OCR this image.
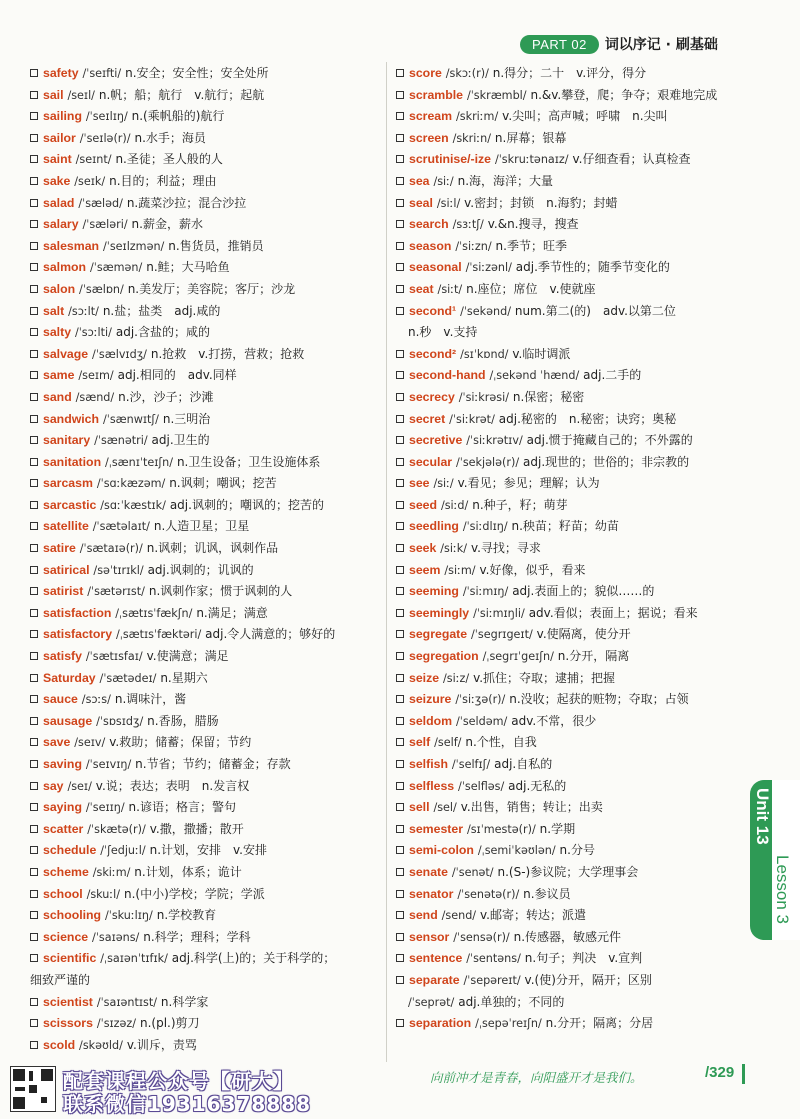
PART 02	词以序记 · 刷基础
safety /ˈseɪfti/ n.安全；安全性；安全处所
sail /seɪl/ n.帆；船；航行　v.航行；起航
sailing /ˈseɪlɪŋ/ n.(乘帆船的)航行
sailor /ˈseɪlə(r)/ n.水手；海员
saint /seɪnt/ n.圣徒；圣人般的人
sake /seɪk/ n.目的；利益；理由
salad /ˈsæləd/ n.蔬菜沙拉；混合沙拉
salary /ˈsæləri/ n.薪金，薪水
salesman /ˈseɪlzmən/ n.售货员，推销员
salmon /ˈsæmən/ n.鲑；大马哈鱼
salon /ˈsælɒn/ n.美发厅；美容院；客厅；沙龙
salt /sɔːlt/ n.盐；盐类　adj.咸的
salty /ˈsɔːlti/ adj.含盐的；咸的
salvage /ˈsælvɪdʒ/ n.抢救　v.打捞，营救；抢救
same /seɪm/ adj.相同的　adv.同样
sand /sænd/ n.沙，沙子；沙滩
sandwich /ˈsænwɪtʃ/ n.三明治
sanitary /ˈsænətri/ adj.卫生的
sanitation /ˌsænɪˈteɪʃn/ n.卫生设备；卫生设施体系
sarcasm /ˈsɑːkæzəm/ n.讽刺；嘲讽；挖苦
sarcastic /sɑːˈkæstɪk/ adj.讽刺的；嘲讽的；挖苦的
satellite /ˈsætəlaɪt/ n.人造卫星；卫星
satire /ˈsætaɪə(r)/ n.讽刺；讥讽，讽刺作品
satirical /səˈtɪrɪkl/ adj.讽刺的；讥讽的
satirist /ˈsætərɪst/ n.讽刺作家；惯于讽刺的人
satisfaction /ˌsætɪsˈfækʃn/ n.满足；满意
satisfactory /ˌsætɪsˈfæktəri/ adj.令人满意的；够好的
satisfy /ˈsætɪsfaɪ/ v.使满意；满足
Saturday /ˈsætədeɪ/ n.星期六
sauce /sɔːs/ n.调味汁，酱
sausage /ˈsɒsɪdʒ/ n.香肠，腊肠
save /seɪv/ v.救助；储蓄；保留；节约
saving /ˈseɪvɪŋ/ n.节省；节约；储蓄金；存款
say /seɪ/ v.说；表达；表明　n.发言权
saying /ˈseɪɪŋ/ n.谚语；格言；警句
scatter /ˈskætə(r)/ v.撒，撒播；散开
schedule /ˈʃedjuːl/ n.计划，安排　v.安排
scheme /skiːm/ n.计划，体系；诡计
school /skuːl/ n.(中小)学校；学院；学派
schooling /ˈskuːlɪŋ/ n.学校教育
science /ˈsaɪəns/ n.科学；理科；学科
scientific /ˌsaɪənˈtɪfɪk/ adj.科学(上)的；关于科学的；
细致严谨的
scientist /ˈsaɪəntɪst/ n.科学家
scissors /ˈsɪzəz/ n.(pl.)剪刀
scold /skəʊld/ v.训斥，责骂
score /skɔː(r)/ n.得分；二十　v.评分，得分
scramble /ˈskræmbl/ n.&v.攀登，爬；争夺；艰难地完成
scream /skriːm/ v.尖叫；高声喊；呼啸　n.尖叫
screen /skriːn/ n.屏幕；银幕
scrutinise/-ize /ˈskruːtənaɪz/ v.仔细查看；认真检查
sea /siː/ n.海，海洋；大量
seal /siːl/ v.密封；封锁　n.海豹；封蜡
search /sɜːtʃ/ v.&n.搜寻，搜查
season /ˈsiːzn/ n.季节；旺季
seasonal /ˈsiːzənl/ adj.季节性的；随季节变化的
seat /siːt/ n.座位；席位　v.使就座
second¹ /ˈsekənd/ num.第二(的)　adv.以第二位
n.秒　v.支持
second² /sɪˈkɒnd/ v.临时调派
second-hand /ˌsekənd ˈhænd/ adj.二手的
secrecy /ˈsiːkrəsi/ n.保密；秘密
secret /ˈsiːkrət/ adj.秘密的　n.秘密；诀窍；奥秘
secretive /ˈsiːkrətɪv/ adj.惯于掩藏自己的；不外露的
secular /ˈsekjələ(r)/ adj.现世的；世俗的；非宗教的
see /siː/ v.看见；参见；理解；认为
seed /siːd/ n.种子，籽；萌芽
seedling /ˈsiːdlɪŋ/ n.秧苗；籽苗；幼苗
seek /siːk/ v.寻找；寻求
seem /siːm/ v.好像，似乎，看来
seeming /ˈsiːmɪŋ/ adj.表面上的；貌似……的
seemingly /ˈsiːmɪŋli/ adv.看似；表面上；据说；看来
segregate /ˈsegrɪgeɪt/ v.使隔离，使分开
segregation /ˌsegrɪˈgeɪʃn/ n.分开，隔离
seize /siːz/ v.抓住；夺取；逮捕；把握
seizure /ˈsiːʒə(r)/ n.没收；起获的赃物；夺取；占领
seldom /ˈseldəm/ adv.不常，很少
self /self/ n.个性，自我
selfish /ˈselfɪʃ/ adj.自私的
selfless /ˈselfləs/ adj.无私的
sell /sel/ v.出售，销售；转让；出卖
semester /sɪˈmestə(r)/ n.学期
semi-colon /ˌsemiˈkəʊlən/ n.分号
senate /ˈsenət/ n.(S-)参议院；大学理事会
senator /ˈsenətə(r)/ n.参议员
send /send/ v.邮寄；转达；派遣
sensor /ˈsensə(r)/ n.传感器，敏感元件
sentence /ˈsentəns/ n.句子；判决　v.宣判
separate /ˈsepəreɪt/ v.(使)分开，隔开；区别
/ˈseprət/ adj.单独的；不同的
separation /ˌsepəˈreɪʃn/ n.分开；隔离；分居
Unit 13
Lesson 3
配套课程公众号【研大】
联系微信19316378888
向前冲才是青春，向阳盛开才是我们。	/329
